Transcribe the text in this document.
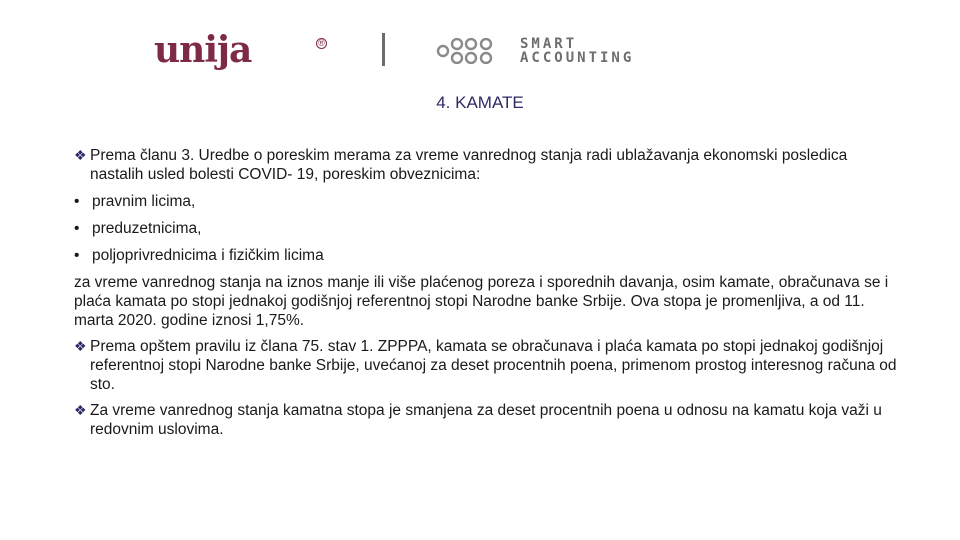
unija	®	SMART
ACCOUNTING
4. KAMATE
❖ Prema članu 3. Uredbe o poreskim merama za vreme vanrednog stanja radi ublažavanja ekonomski posledica nastalih usled bolesti COVID- 19, poreskim obveznicima:
• pravnim licima,
• preduzetnicima,
• poljoprivrednicima i fizičkim licima
za vreme vanrednog stanja na iznos manje ili više plaćenog poreza i sporednih davanja, osim kamate, obračunava se i plaća kamata po stopi jednakoj godišnjoj referentnoj stopi Narodne banke Srbije. Ova stopa je promenljiva, a od 11. marta 2020. godine iznosi 1,75%.
❖ Prema opštem pravilu iz člana 75. stav 1. ZPPPA, kamata se obračunava i plaća kamata po stopi jednakoj godišnjoj referentnoj stopi Narodne banke Srbije, uvećanoj za deset procentnih poena, primenom prostog interesnog računa od sto.
❖ Za vreme vanrednog stanja kamatna stopa je smanjena za deset procentnih poena u odnosu na kamatu koja važi u redovnim uslovima.
